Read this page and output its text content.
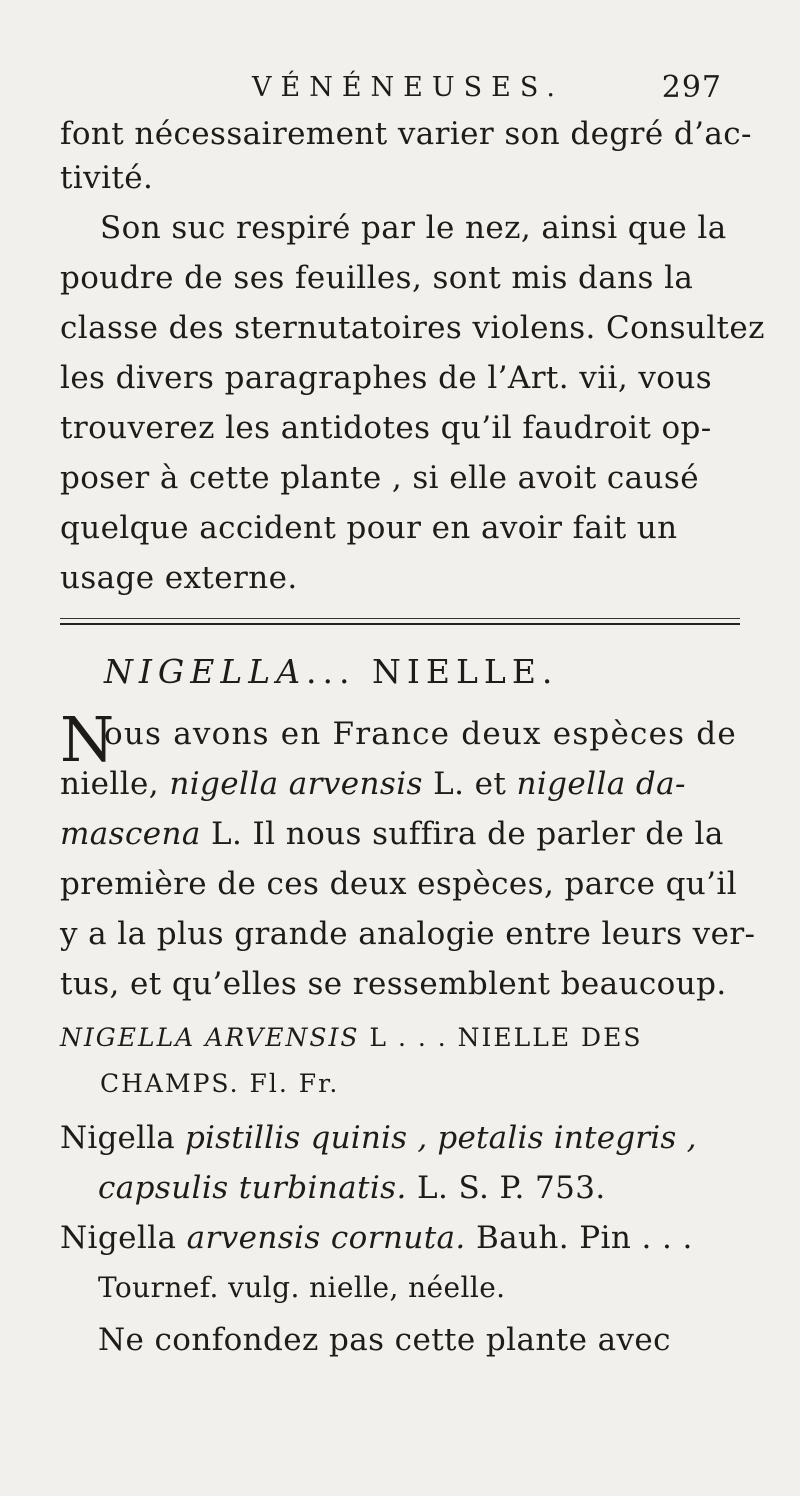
VÉNÉNEUSES.	297
font nécessairement varier son degré d’ac-
tivité.
Son suc respiré par le nez, ainsi que la
poudre de ses feuilles, sont mis dans la
classe des sternutatoires violens. Consultez
les divers paragraphes de l’Art. vii, vous
trouverez les antidotes qu’il faudroit op-
poser à cette plante , si elle avoit causé
quelque accident pour en avoir fait un
usage externe.
NIGELLA... NIELLE.
N
ous avons en France deux espèces de
nielle, nigella arvensis L. et nigella da-
mascena L. Il nous suffira de parler de la
première de ces deux espèces, parce qu’il
y a la plus grande analogie entre leurs ver-
tus, et qu’elles se ressemblent beaucoup.
NIGELLA ARVENSIS L . . . NIELLE DES
CHAMPS. Fl. Fr.
Nigella pistillis quinis , petalis integris ,
capsulis turbinatis. L. S. P. 753.
Nigella arvensis cornuta. Bauh. Pin . . .
Tournef. vulg. nielle, néelle.
Ne confondez pas cette plante avec
